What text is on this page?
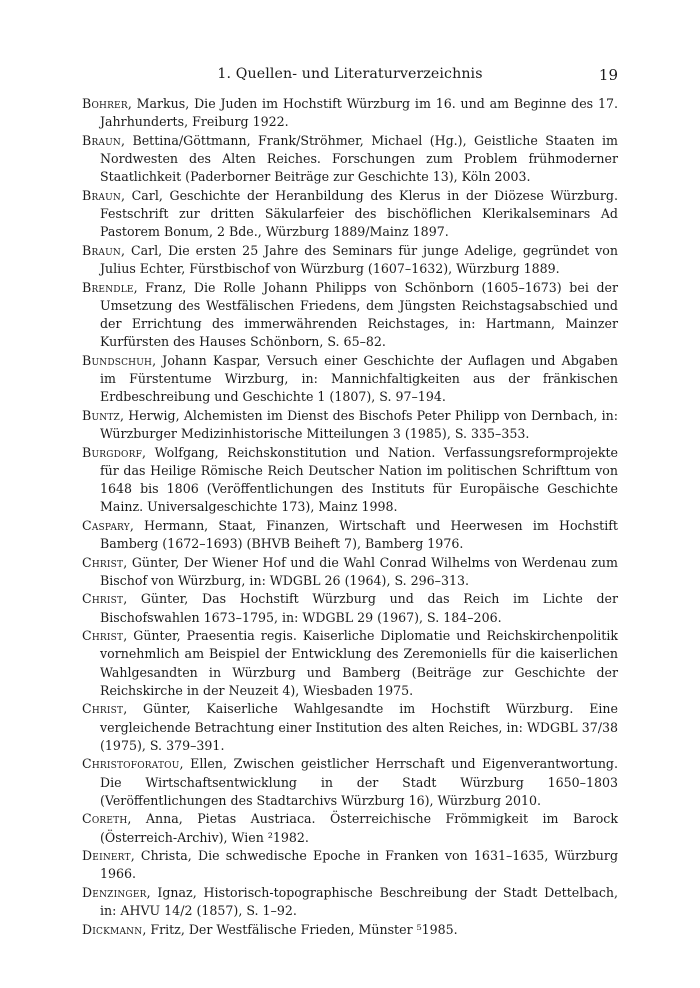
1. Quellen- und Literaturverzeichnis	19
Bohrer, Markus, Die Juden im Hochstift Würzburg im 16. und am Beginne des 17. Jahrhunderts, Freiburg 1922.
Braun, Bettina/Göttmann, Frank/Ströhmer, Michael (Hg.), Geistliche Staaten im Nordwesten des Alten Reiches. Forschungen zum Problem frühmoderner Staatlichkeit (Paderborner Beiträge zur Geschichte 13), Köln 2003.
Braun, Carl, Geschichte der Heranbildung des Klerus in der Diözese Würzburg. Festschrift zur dritten Säkularfeier des bischöflichen Klerikalseminars Ad Pastorem Bonum, 2 Bde., Würzburg 1889/Mainz 1897.
Braun, Carl, Die ersten 25 Jahre des Seminars für junge Adelige, gegründet von Julius Echter, Fürstbischof von Würzburg (1607–1632), Würzburg 1889.
Brendle, Franz, Die Rolle Johann Philipps von Schönborn (1605–1673) bei der Umsetzung des Westfälischen Friedens, dem Jüngsten Reichstagsabschied und der Errichtung des immerwährenden Reichstages, in: Hartmann, Mainzer Kurfürsten des Hauses Schönborn, S. 65–82.
Bundschuh, Johann Kaspar, Versuch einer Geschichte der Auflagen und Abgaben im Fürstentume Wirzburg, in: Mannichfaltigkeiten aus der fränkischen Erdbeschreibung und Geschichte 1 (1807), S. 97–194.
Buntz, Herwig, Alchemisten im Dienst des Bischofs Peter Philipp von Dernbach, in: Würzburger Medizinhistorische Mitteilungen 3 (1985), S. 335–353.
Burgdorf, Wolfgang, Reichskonstitution und Nation. Verfassungsreformprojekte für das Heilige Römische Reich Deutscher Nation im politischen Schrifttum von 1648 bis 1806 (Veröffentlichungen des Instituts für Europäische Geschichte Mainz. Universalgeschichte 173), Mainz 1998.
Caspary, Hermann, Staat, Finanzen, Wirtschaft und Heerwesen im Hochstift Bamberg (1672–1693) (BHVB Beiheft 7), Bamberg 1976.
Christ, Günter, Der Wiener Hof und die Wahl Conrad Wilhelms von Werdenau zum Bischof von Würzburg, in: WDGBL 26 (1964), S. 296–313.
Christ, Günter, Das Hochstift Würzburg und das Reich im Lichte der Bischofswahlen 1673–1795, in: WDGBL 29 (1967), S. 184–206.
Christ, Günter, Praesentia regis. Kaiserliche Diplomatie und Reichskirchenpolitik vornehmlich am Beispiel der Entwicklung des Zeremoniells für die kaiserlichen Wahlgesandten in Würzburg und Bamberg (Beiträge zur Geschichte der Reichskirche in der Neuzeit 4), Wiesbaden 1975.
Christ, Günter, Kaiserliche Wahlgesandte im Hochstift Würzburg. Eine vergleichende Betrachtung einer Institution des alten Reiches, in: WDGBL 37/38 (1975), S. 379–391.
Christoforatou, Ellen, Zwischen geistlicher Herrschaft und Eigenverantwortung. Die Wirtschaftsentwicklung in der Stadt Würzburg 1650–1803 (Veröffentlichungen des Stadtarchivs Würzburg 16), Würzburg 2010.
Coreth, Anna, Pietas Austriaca. Österreichische Frömmigkeit im Barock (Österreich-Archiv), Wien ²1982.
Deinert, Christa, Die schwedische Epoche in Franken von 1631–1635, Würzburg 1966.
Denzinger, Ignaz, Historisch-topographische Beschreibung der Stadt Dettelbach, in: AHVU 14/2 (1857), S. 1–92.
Dickmann, Fritz, Der Westfälische Frieden, Münster ⁵1985.
